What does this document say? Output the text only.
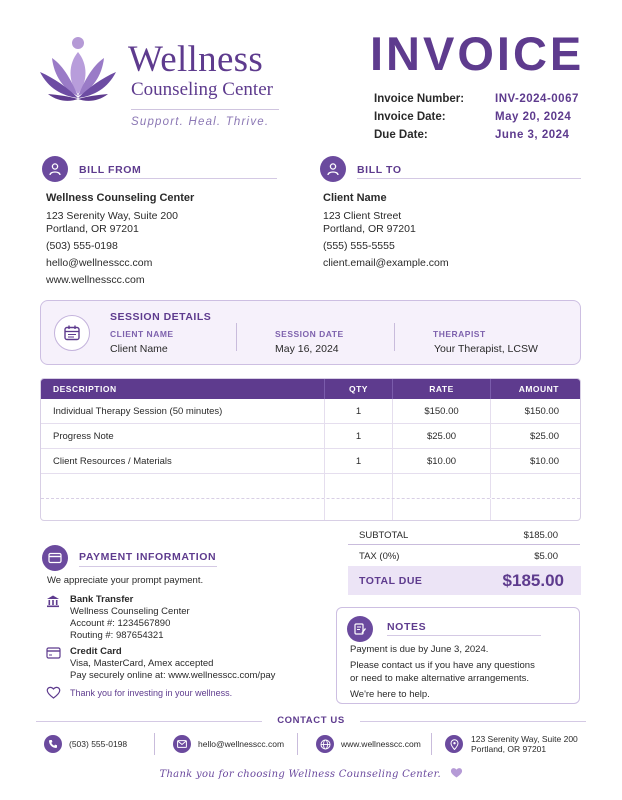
Wellness
Counseling Center
Support. Heal. Thrive.
INVOICE
Invoice Number:	INV-2024-0067
Invoice Date:	May 20, 2024
Due Date:	June 3, 2024
BILL FROM
Wellness Counseling Center
123 Serenity Way, Suite 200
Portland, OR 97201
(503) 555-0198
hello@wellnesscc.com
www.wellnesscc.com
BILL TO
Client Name
123 Client Street
Portland, OR 97201
(555) 555-5555
client.email@example.com
SESSION DETAILS
CLIENT NAME
Client Name
SESSION DATE
May 16, 2024
THERAPIST
Your Therapist, LCSW
DESCRIPTION	QTY	RATE	AMOUNT
Individual Therapy Session (50 minutes)	1	$150.00	$150.00
Progress Note	1	$25.00	$25.00
Client Resources / Materials	1	$10.00	$10.00
SUBTOTAL	$185.00
TAX (0%)	$5.00
TOTAL DUE	$185.00
PAYMENT INFORMATION
We appreciate your prompt payment.
Bank Transfer
Wellness Counseling Center
Account #: 1234567890
Routing #: 987654321
Credit Card
Visa, MasterCard, Amex accepted
Pay securely online at: www.wellnesscc.com/pay
Thank you for investing in your wellness.
NOTES
Payment is due by June 3, 2024.
Please contact us if you have any questions
or need to make alternative arrangements.
We're here to help.
CONTACT US
(503) 555-0198	hello@wellnesscc.com	www.wellnesscc.com	123 Serenity Way, Suite 200
Portland, OR 97201
Thank you for choosing Wellness Counseling Center.
